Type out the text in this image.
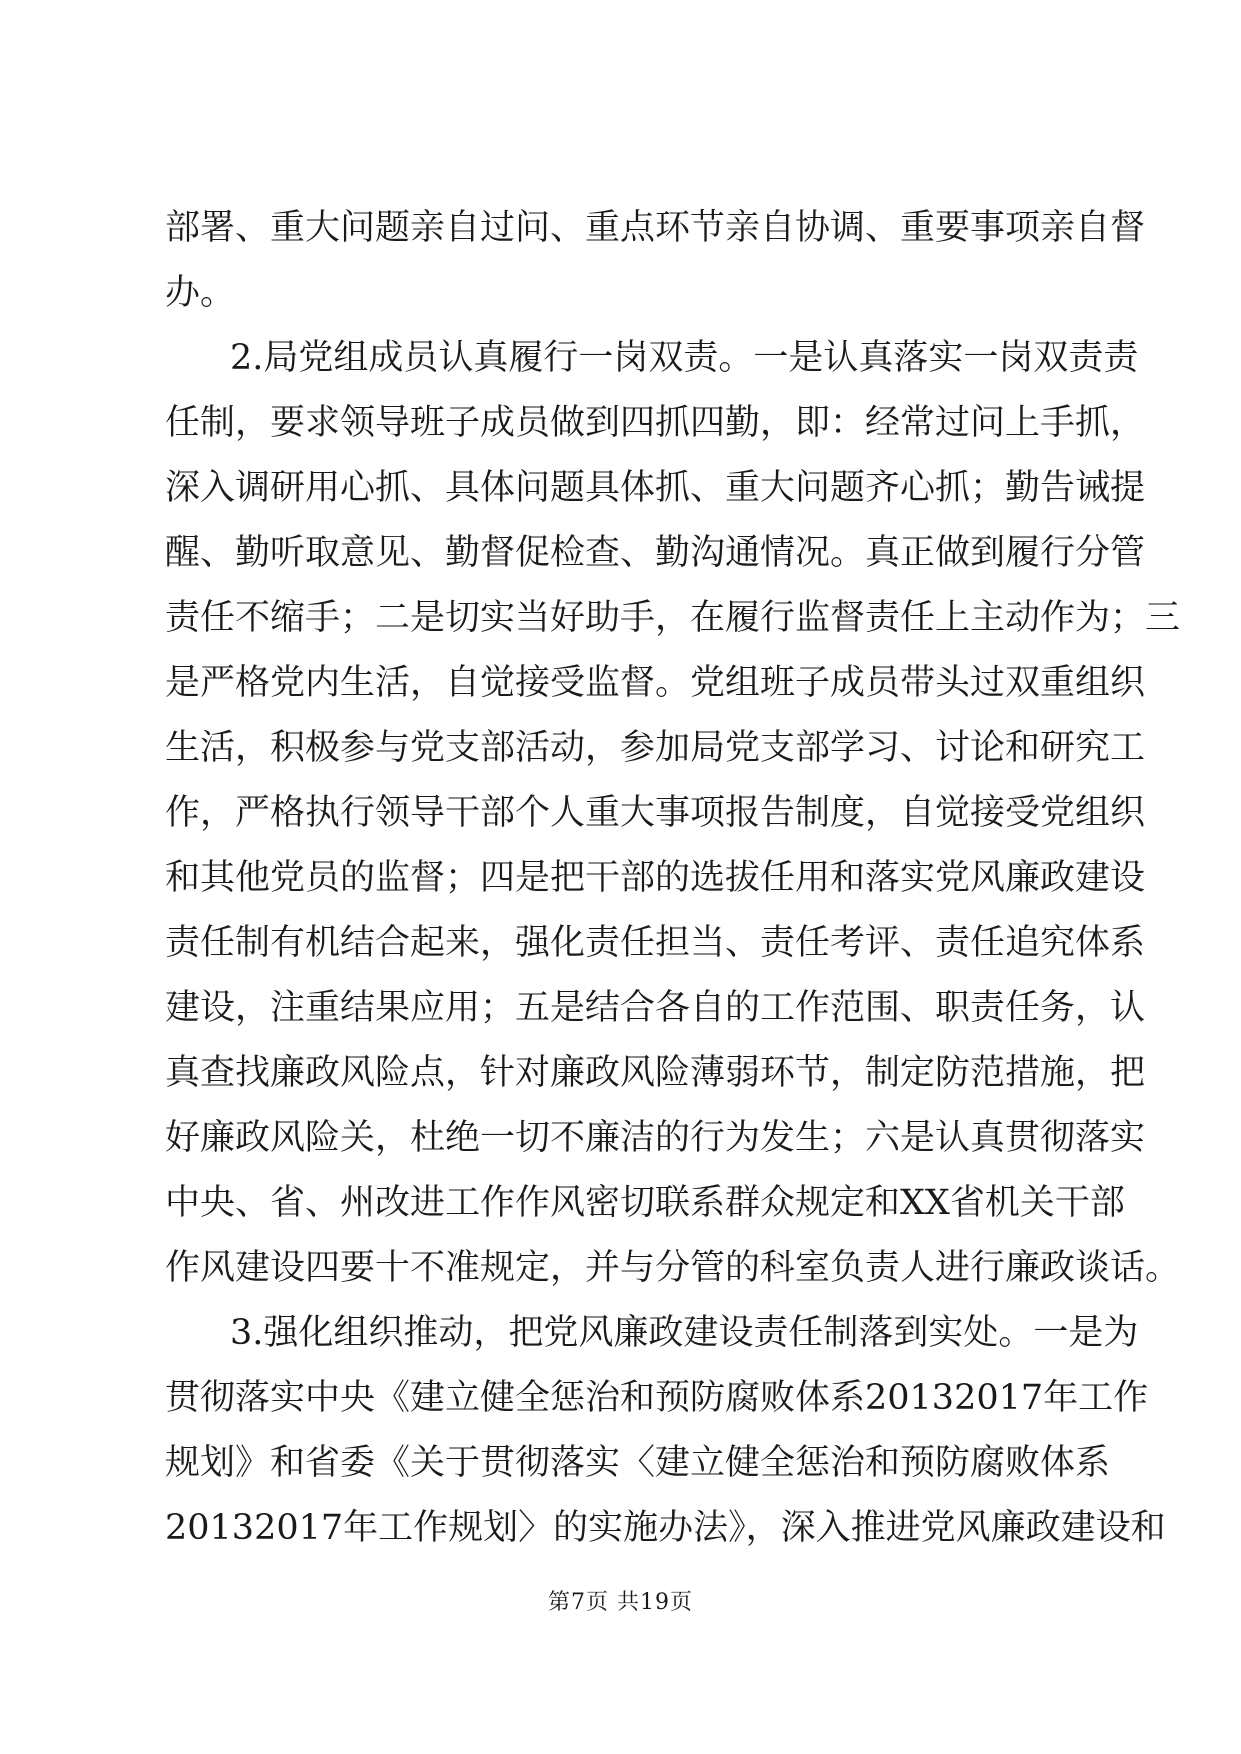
部署、重大问题亲自过问、重点环节亲自协调、重要事项亲自督
办。
2.局党组成员认真履行一岗双责。一是认真落实一岗双责责
任制，要求领导班子成员做到四抓四勤，即：经常过问上手抓，
深入调研用心抓、具体问题具体抓、重大问题齐心抓；勤告诫提
醒、勤听取意见、勤督促检查、勤沟通情况。真正做到履行分管
责任不缩手；二是切实当好助手，在履行监督责任上主动作为；三
是严格党内生活，自觉接受监督。党组班子成员带头过双重组织
生活，积极参与党支部活动，参加局党支部学习、讨论和研究工
作，严格执行领导干部个人重大事项报告制度，自觉接受党组织
和其他党员的监督；四是把干部的选拔任用和落实党风廉政建设
责任制有机结合起来，强化责任担当、责任考评、责任追究体系
建设，注重结果应用；五是结合各自的工作范围、职责任务，认
真查找廉政风险点，针对廉政风险薄弱环节，制定防范措施，把
好廉政风险关，杜绝一切不廉洁的行为发生；六是认真贯彻落实
中央、省、州改进工作作风密切联系群众规定和XX省机关干部
作风建设四要十不准规定，并与分管的科室负责人进行廉政谈话。
3.强化组织推动，把党风廉政建设责任制落到实处。一是为
贯彻落实中央《建立健全惩治和预防腐败体系20132017年工作
规划》和省委《关于贯彻落实〈建立健全惩治和预防腐败体系
20132017年工作规划〉的实施办法》，深入推进党风廉政建设和
第7页 共19页
